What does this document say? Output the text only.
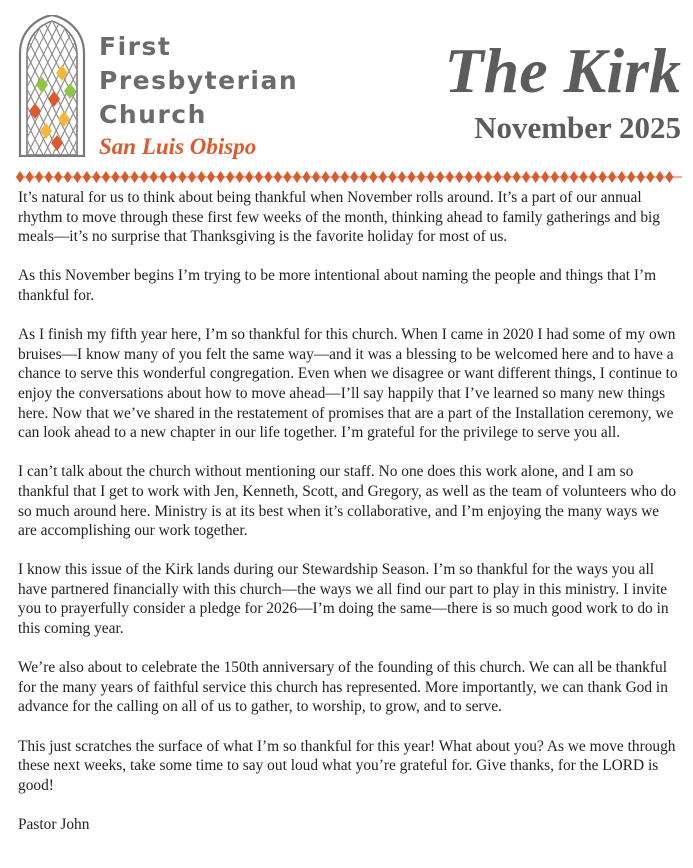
First
Presbyterian
Church
San Luis Obispo
The Kirk
November 2025

It’s natural for us to think about being thankful when November rolls around. It’s a part of our annual rhythm to move through these first few weeks of the month, thinking ahead to family gatherings and big meals—it’s no surprise that Thanksgiving is the favorite holiday for most of us.

As this November begins I’m trying to be more intentional about naming the people and things that I’m thankful for.

As I finish my fifth year here, I’m so thankful for this church. When I came in 2020 I had some of my own bruises—I know many of you felt the same way—and it was a blessing to be welcomed here and to have a chance to serve this wonderful congregation. Even when we disagree or want different things, I continue to enjoy the conversations about how to move ahead—I’ll say happily that I’ve learned so many new things here. Now that we’ve shared in the restatement of promises that are a part of the Installation ceremony, we can look ahead to a new chapter in our life together. I’m grateful for the privilege to serve you all.

I can’t talk about the church without mentioning our staff. No one does this work alone, and I am so thankful that I get to work with Jen, Kenneth, Scott, and Gregory, as well as the team of volunteers who do so much around here. Ministry is at its best when it’s collaborative, and I’m enjoying the many ways we are accomplishing our work together.

I know this issue of the Kirk lands during our Stewardship Season. I’m so thankful for the ways you all have partnered financially with this church—the ways we all find our part to play in this ministry. I invite you to prayerfully consider a pledge for 2026—I’m doing the same—there is so much good work to do in this coming year.

We’re also about to celebrate the 150th anniversary of the founding of this church. We can all be thankful for the many years of faithful service this church has represented. More importantly, we can thank God in advance for the calling on all of us to gather, to worship, to grow, and to serve.

This just scratches the surface of what I’m so thankful for this year! What about you? As we move through these next weeks, take some time to say out loud what you’re grateful for. Give thanks, for the LORD is good!

Pastor John
